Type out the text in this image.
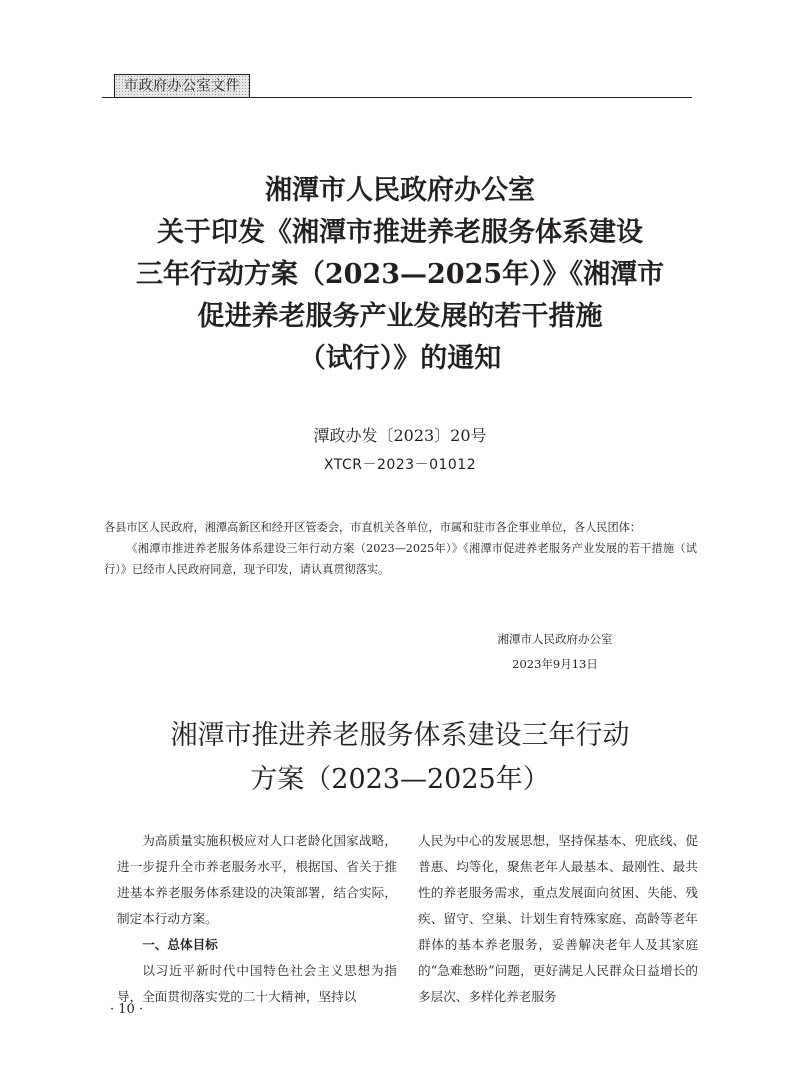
市政府办公室文件
湘潭市人民政府办公室
关于印发《湘潭市推进养老服务体系建设
三年行动方案（2023—2025年）》《湘潭市
促进养老服务产业发展的若干措施
（试行）》的通知
潭政办发〔2023〕20号
XTCR－2023－01012

各县市区人民政府，湘潭高新区和经开区管委会，市直机关各单位，市属和驻市各企事业单位，各人民团体：

《湘潭市推进养老服务体系建设三年行动方案（2023—2025年）》《湘潭市促进养老服务产业发展的若干措施（试行）》已经市人民政府同意，现予印发，请认真贯彻落实。

湘潭市人民政府办公室
2023年9月13日
湘潭市推进养老服务体系建设三年行动
方案（2023—2025年）

为高质量实施积极应对人口老龄化国家战略，进一步提升全市养老服务水平，根据国、省关于推进基本养老服务体系建设的决策部署，结合实际，制定本行动方案。

一、总体目标

以习近平新时代中国特色社会主义思想为指导，全面贯彻落实党的二十大精神，坚持以

人民为中心的发展思想，坚持保基本、兜底线、促普惠、均等化，聚焦老年人最基本、最刚性、最共性的养老服务需求，重点发展面向贫困、失能、残疾、留守、空巢、计划生育特殊家庭、高龄等老年群体的基本养老服务，妥善解决老年人及其家庭的“急难愁盼”问题，更好满足人民群众日益增长的多层次、多样化养老服务

· 10 ·
